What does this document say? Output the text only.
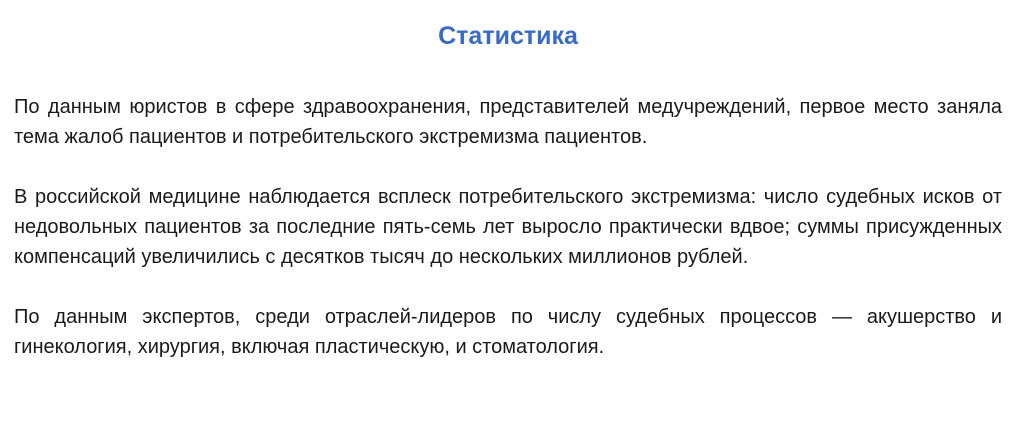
Статистика

По данным юристов в сфере здравоохранения, представителей медучреждений, первое место заняла тема жалоб пациентов и потребительского экстремизма пациентов.

В российской медицине наблюдается всплеск потребительского экстремизма: число судебных исков от недовольных пациентов за последние пять-семь лет выросло практически вдвое; суммы присужденных компенсаций увеличились с десятков тысяч до нескольких миллионов рублей.

По данным экспертов, среди отраслей-лидеров по числу судебных процессов — акушерство и гинекология, хирургия, включая пластическую, и стоматология.
